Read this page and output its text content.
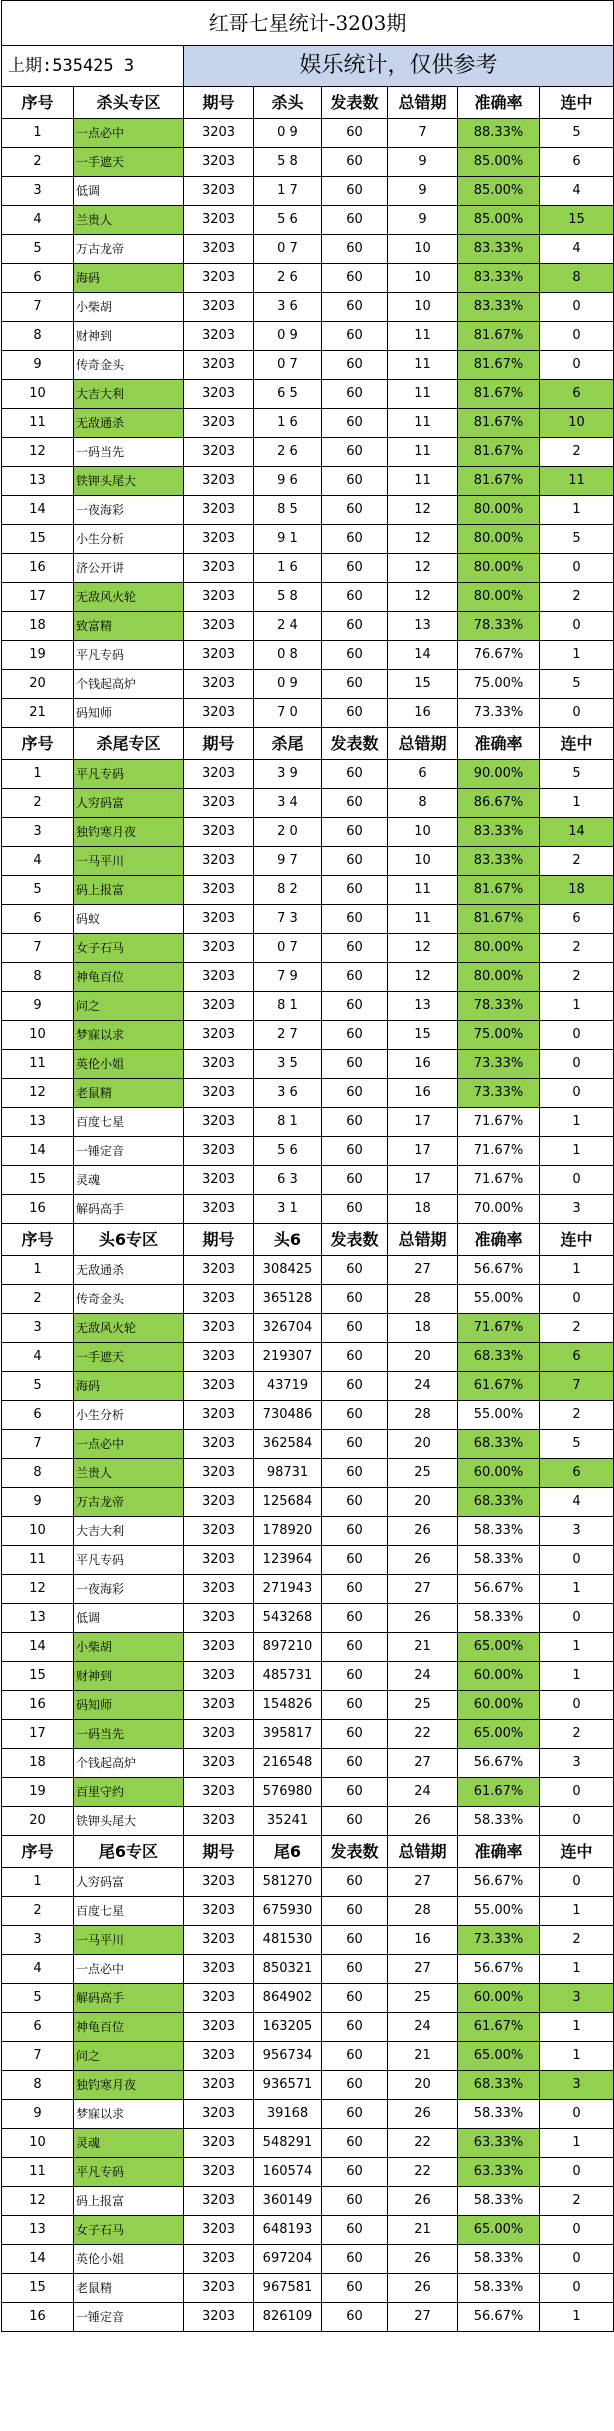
红哥七星统计-3203期							
上期:535425 3		娱乐统计，仅供参考					
序号	杀头专区	期号	杀头	发表数	总错期	准确率	连中
1	一点必中	3203	0 9	60	7	88.33%	5
2	一手遮天	3203	5 8	60	9	85.00%	6
3	低调	3203	1 7	60	9	85.00%	4
4	兰贵人	3203	5 6	60	9	85.00%	15
5	万古龙帝	3203	0 7	60	10	83.33%	4
6	海码	3203	2 6	60	10	83.33%	8
7	小柴胡	3203	3 6	60	10	83.33%	0
8	财神到	3203	0 9	60	11	81.67%	0
9	传奇金头	3203	0 7	60	11	81.67%	0
10	大吉大利	3203	6 5	60	11	81.67%	6
11	无敌通杀	3203	1 6	60	11	81.67%	10
12	一码当先	3203	2 6	60	11	81.67%	2
13	铁钾头尾大	3203	9 6	60	11	81.67%	11
14	一夜海彩	3203	8 5	60	12	80.00%	1
15	小生分析	3203	9 1	60	12	80.00%	5
16	济公开讲	3203	1 6	60	12	80.00%	0
17	无敌风火轮	3203	5 8	60	12	80.00%	2
18	致富精	3203	2 4	60	13	78.33%	0
19	平凡专码	3203	0 8	60	14	76.67%	1
20	个钱起高炉	3203	0 9	60	15	75.00%	5
21	码知师	3203	7 0	60	16	73.33%	0
序号	杀尾专区	期号	杀尾	发表数	总错期	准确率	连中
1	平凡专码	3203	3 9	60	6	90.00%	5
2	人穷码富	3203	3 4	60	8	86.67%	1
3	独钓寒月夜	3203	2 0	60	10	83.33%	14
4	一马平川	3203	9 7	60	10	83.33%	2
5	码上报富	3203	8 2	60	11	81.67%	18
6	码蚁	3203	7 3	60	11	81.67%	6
7	女子石马	3203	0 7	60	12	80.00%	2
8	神龟百位	3203	7 9	60	12	80.00%	2
9	问之	3203	8 1	60	13	78.33%	1
10	梦寐以求	3203	2 7	60	15	75.00%	0
11	英伦小姐	3203	3 5	60	16	73.33%	0
12	老鼠精	3203	3 6	60	16	73.33%	0
13	百度七星	3203	8 1	60	17	71.67%	1
14	一锤定音	3203	5 6	60	17	71.67%	1
15	灵魂	3203	6 3	60	17	71.67%	0
16	解码高手	3203	3 1	60	18	70.00%	3
序号	头6专区	期号	头6	发表数	总错期	准确率	连中
1	无敌通杀	3203	308425	60	27	56.67%	1
2	传奇金头	3203	365128	60	28	55.00%	0
3	无敌风火轮	3203	326704	60	18	71.67%	2
4	一手遮天	3203	219307	60	20	68.33%	6
5	海码	3203	43719	60	24	61.67%	7
6	小生分析	3203	730486	60	28	55.00%	2
7	一点必中	3203	362584	60	20	68.33%	5
8	兰贵人	3203	98731	60	25	60.00%	6
9	万古龙帝	3203	125684	60	20	68.33%	4
10	大吉大利	3203	178920	60	26	58.33%	3
11	平凡专码	3203	123964	60	26	58.33%	0
12	一夜海彩	3203	271943	60	27	56.67%	1
13	低调	3203	543268	60	26	58.33%	0
14	小柴胡	3203	897210	60	21	65.00%	1
15	财神到	3203	485731	60	24	60.00%	1
16	码知师	3203	154826	60	25	60.00%	0
17	一码当先	3203	395817	60	22	65.00%	2
18	个钱起高炉	3203	216548	60	27	56.67%	3
19	百里守约	3203	576980	60	24	61.67%	0
20	铁钾头尾大	3203	35241	60	26	58.33%	0
序号	尾6专区	期号	尾6	发表数	总错期	准确率	连中
1	人穷码富	3203	581270	60	27	56.67%	0
2	百度七星	3203	675930	60	28	55.00%	1
3	一马平川	3203	481530	60	16	73.33%	2
4	一点必中	3203	850321	60	27	56.67%	1
5	解码高手	3203	864902	60	25	60.00%	3
6	神龟百位	3203	163205	60	24	61.67%	1
7	问之	3203	956734	60	21	65.00%	1
8	独钓寒月夜	3203	936571	60	20	68.33%	3
9	梦寐以求	3203	39168	60	26	58.33%	0
10	灵魂	3203	548291	60	22	63.33%	1
11	平凡专码	3203	160574	60	22	63.33%	0
12	码上报富	3203	360149	60	26	58.33%	2
13	女子石马	3203	648193	60	21	65.00%	0
14	英伦小姐	3203	697204	60	26	58.33%	0
15	老鼠精	3203	967581	60	26	58.33%	0
16	一锤定音	3203	826109	60	27	56.67%	1
